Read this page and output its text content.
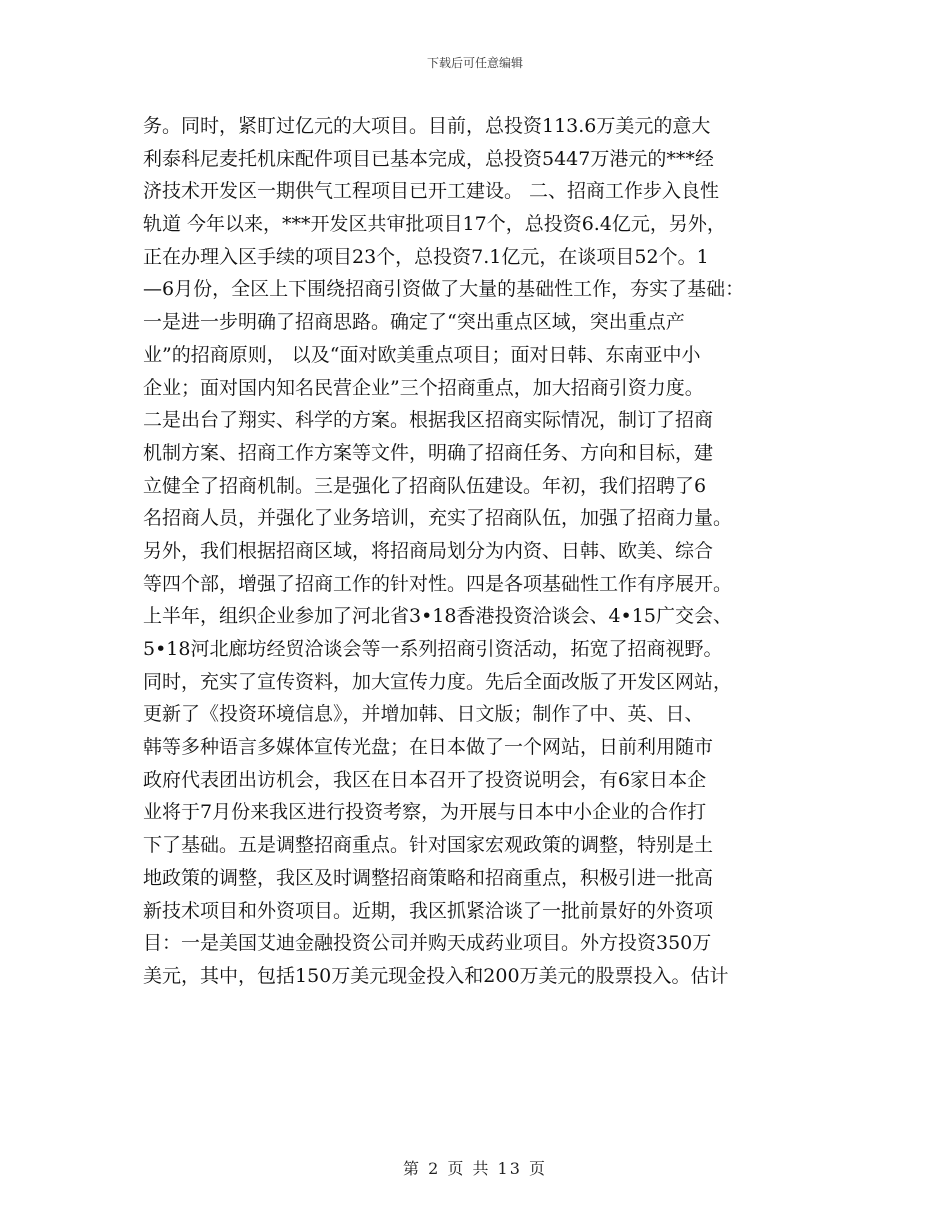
下载后可任意编辑
务。同时，紧盯过亿元的大项目。目前，总投资113.6万美元的意大
利泰科尼麦托机床配件项目已基本完成，总投资5447万港元的***经
济技术开发区一期供气工程项目已开工建设。 二、招商工作步入良性
轨道 今年以来，***开发区共审批项目17个，总投资6.4亿元，另外，
正在办理入区手续的项目23个，总投资7.1亿元，在谈项目52个。1
—6月份，全区上下围绕招商引资做了大量的基础性工作，夯实了基础：
一是进一步明确了招商思路。确定了“突出重点区域，突出重点产
业”的招商原则， 以及“面对欧美重点项目；面对日韩、东南亚中小
企业；面对国内知名民营企业”三个招商重点，加大招商引资力度。
二是出台了翔实、科学的方案。根据我区招商实际情况，制订了招商
机制方案、招商工作方案等文件，明确了招商任务、方向和目标，建
立健全了招商机制。三是强化了招商队伍建设。年初，我们招聘了6
名招商人员，并强化了业务培训，充实了招商队伍，加强了招商力量。
另外，我们根据招商区域，将招商局划分为内资、日韩、欧美、综合
等四个部，增强了招商工作的针对性。四是各项基础性工作有序展开。
上半年，组织企业参加了河北省3•18香港投资洽谈会、4•15广交会、
5•18河北廊坊经贸洽谈会等一系列招商引资活动，拓宽了招商视野。
同时，充实了宣传资料，加大宣传力度。先后全面改版了开发区网站，
更新了《投资环境信息》，并增加韩、日文版；制作了中、英、日、
韩等多种语言多媒体宣传光盘；在日本做了一个网站，日前利用随市
政府代表团出访机会，我区在日本召开了投资说明会，有6家日本企
业将于7月份来我区进行投资考察，为开展与日本中小企业的合作打
下了基础。五是调整招商重点。针对国家宏观政策的调整，特别是土
地政策的调整，我区及时调整招商策略和招商重点，积极引进一批高
新技术项目和外资项目。近期，我区抓紧洽谈了一批前景好的外资项
目：一是美国艾迪金融投资公司并购天成药业项目。外方投资350万
美元，其中，包括150万美元现金投入和200万美元的股票投入。估计
第 2 页 共 13 页
